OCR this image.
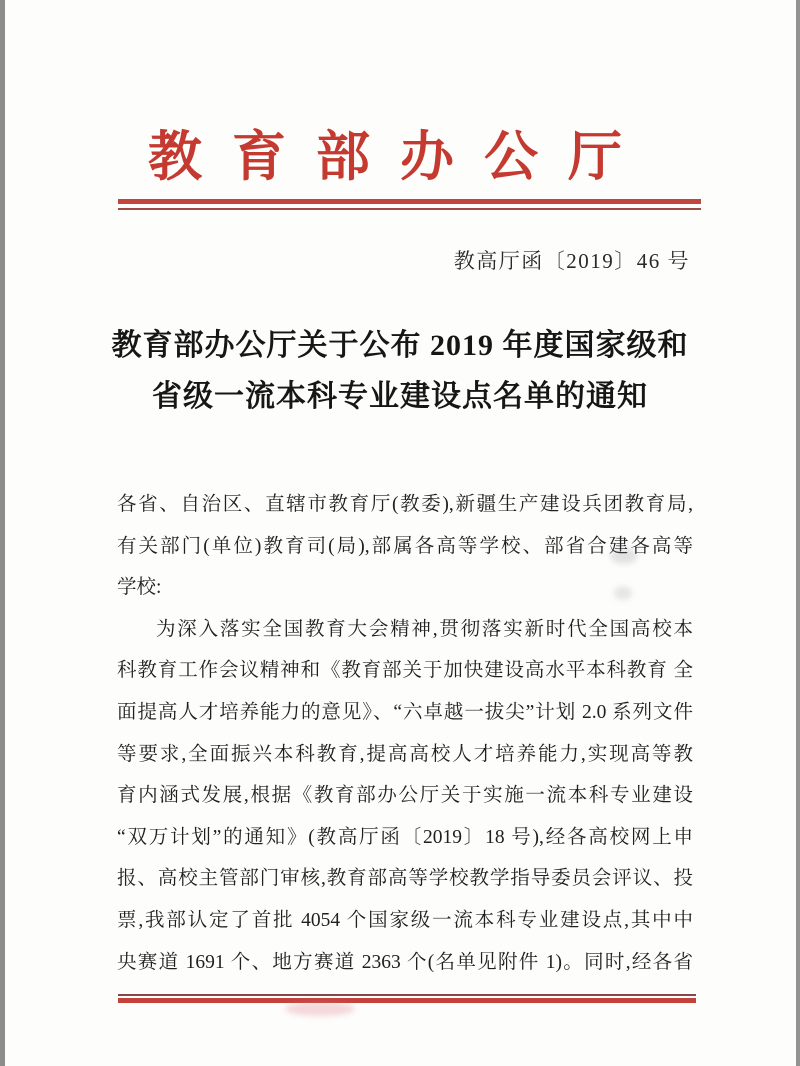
教育部办公厅
教高厅函〔2019〕46 号
教育部办公厅关于公布 2019 年度国家级和
省级一流本科专业建设点名单的通知
各省、自治区、直辖市教育厅(教委),新疆生产建设兵团教育局,
有关部门(单位)教育司(局),部属各高等学校、部省合建各高等
学校:
为深入落实全国教育大会精神,贯彻落实新时代全国高校本
科教育工作会议精神和《教育部关于加快建设高水平本科教育 全
面提高人才培养能力的意见》、“六卓越一拔尖”计划 2.0 系列文件
等要求,全面振兴本科教育,提高高校人才培养能力,实现高等教
育内涵式发展,根据《教育部办公厅关于实施一流本科专业建设
“双万计划”的通知》(教高厅函〔2019〕18 号),经各高校网上申
报、高校主管部门审核,教育部高等学校教学指导委员会评议、投
票,我部认定了首批 4054 个国家级一流本科专业建设点,其中中
央赛道 1691 个、地方赛道 2363 个(名单见附件 1)。同时,经各省
